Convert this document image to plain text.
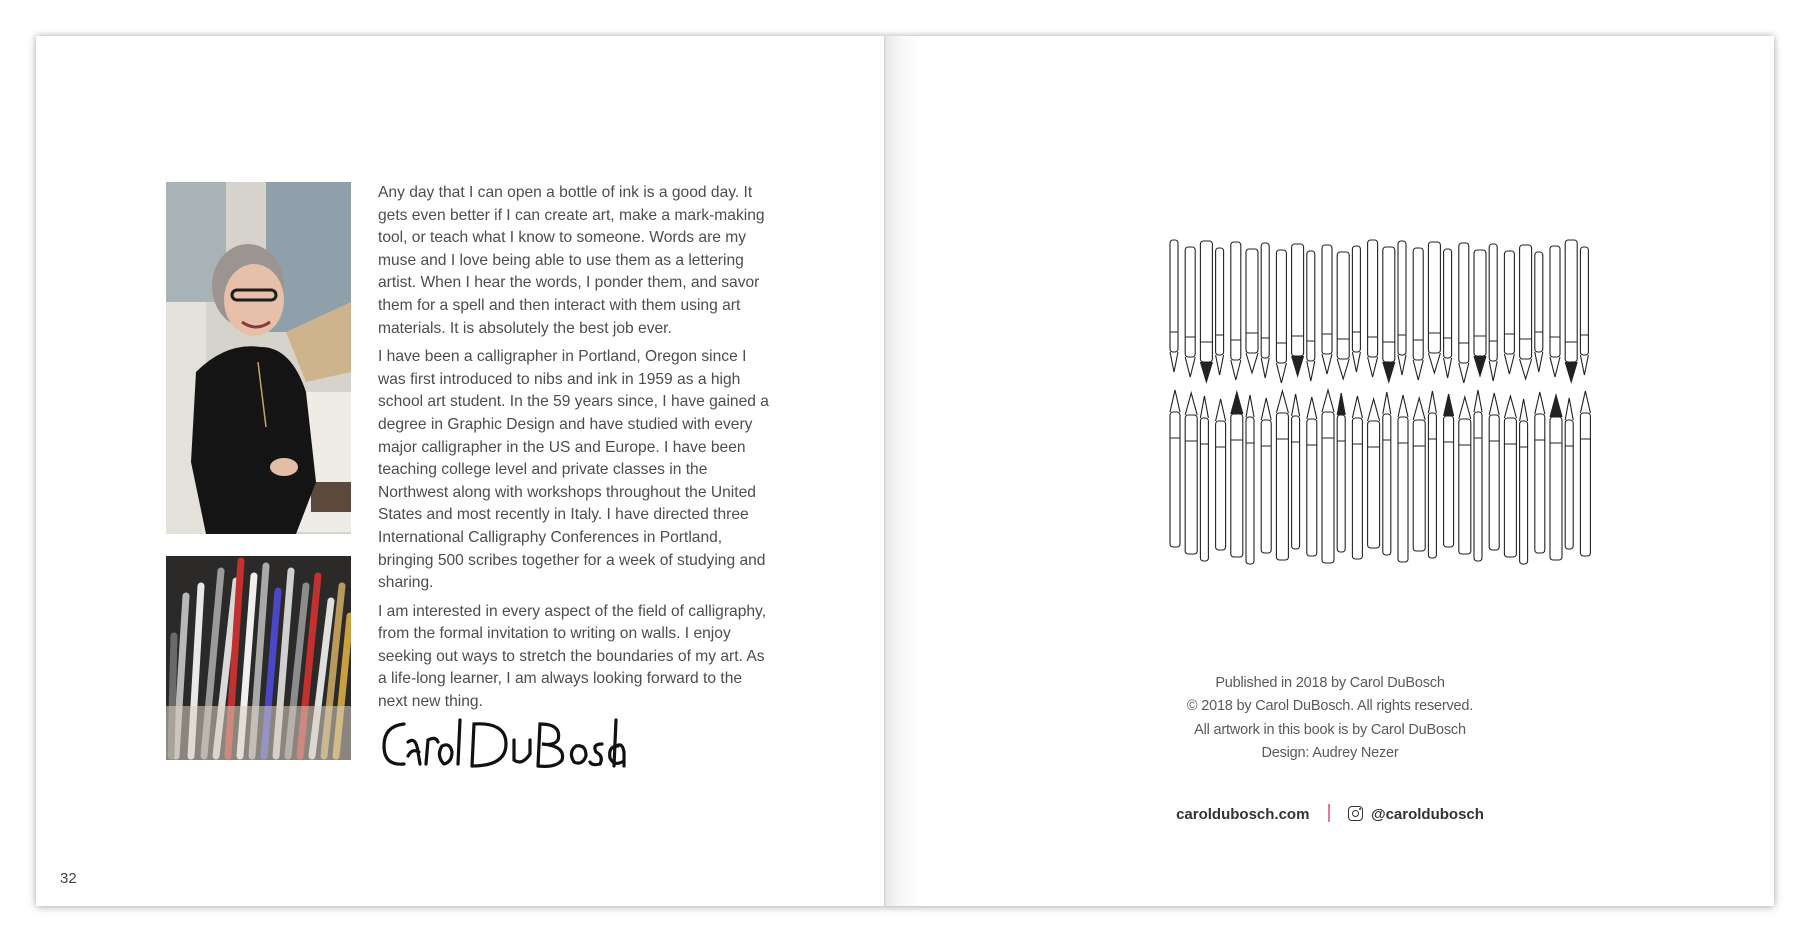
Any day that I can open a bottle of ink is a good day. It gets even better if I can create art, make a mark-making tool, or teach what I know to someone. Words are my muse and I love being able to use them as a lettering artist. When I hear the words, I ponder them, and savor them for a spell and then interact with them using art materials. It is absolutely the best job ever.

I have been a calligrapher in Portland, Oregon since I was first introduced to nibs and ink in 1959 as a high school art student. In the 59 years since, I have gained a degree in Graphic Design and have studied with every major calligrapher in the US and Europe. I have been teaching college level and private classes in the Northwest along with workshops throughout the United States and most recently in Italy. I have directed three International Calligraphy Conferences in Portland, bringing 500 scribes together for a week of studying and sharing.

I am interested in every aspect of the field of calligraphy, from the formal invitation to writing on walls. I enjoy seeking out ways to stretch the boundaries of my art. As a life-long learner, I am always looking forward to the next new thing.

32
Published in 2018 by Carol DuBosch
© 2018 by Carol DuBosch. All rights reserved.
All artwork in this book is by Carol DuBosch
Design: Audrey Nezer
caroldubosch.com	@caroldubosch
